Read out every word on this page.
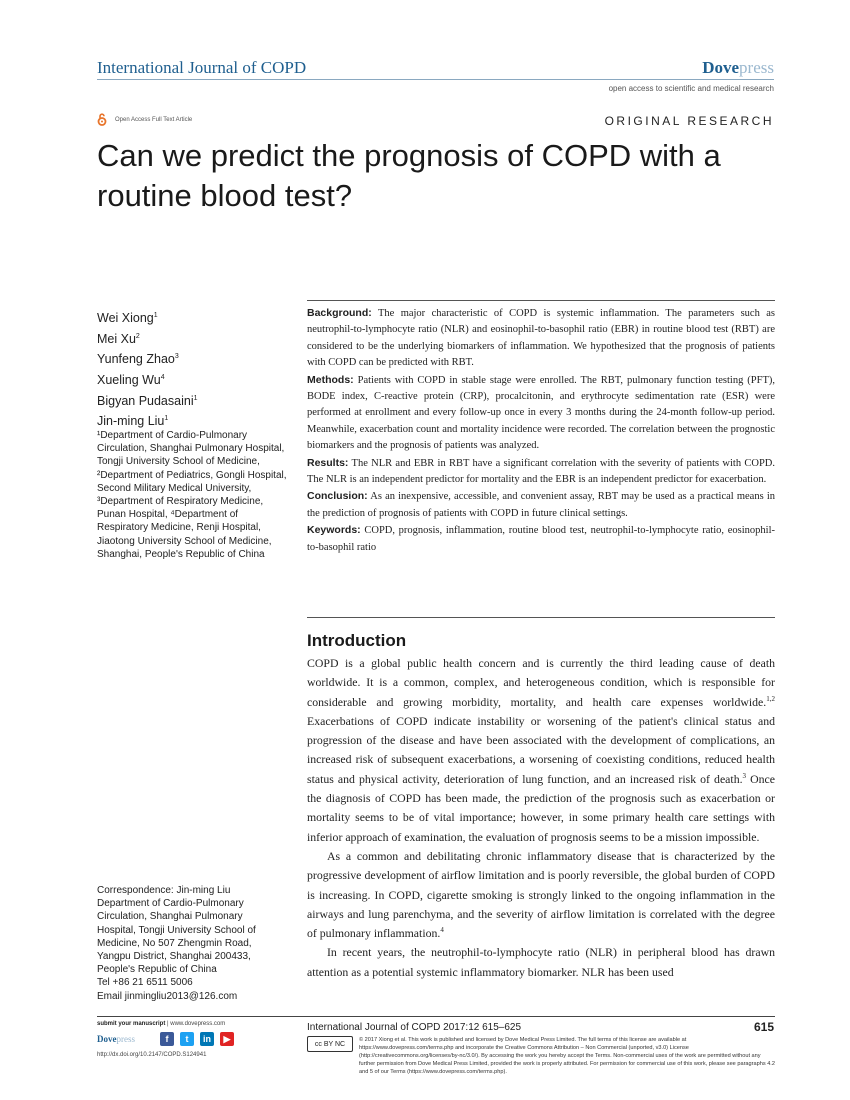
International Journal of COPD	Dovepress
open access to scientific and medical research
Open Access Full Text Article	ORIGINAL RESEARCH
Can we predict the prognosis of COPD with a routine blood test?
Wei Xiong$^1$
Mei Xu$^2$
Yunfeng Zhao$^3$
Xueling Wu$^4$
Bigyan Pudasaini$^1$
Jin-ming Liu$^1$
¹Department of Cardio-Pulmonary Circulation, Shanghai Pulmonary Hospital, Tongji University School of Medicine, ²Department of Pediatrics, Gongli Hospital, Second Military Medical University, ³Department of Respiratory Medicine, Punan Hospital, ⁴Department of Respiratory Medicine, Renji Hospital, Jiaotong University School of Medicine, Shanghai, People's Republic of China
Correspondence: Jin-ming Liu
Department of Cardio-Pulmonary
Circulation, Shanghai Pulmonary
Hospital, Tongji University School of
Medicine, No 507 Zhengmin Road,
Yangpu District, Shanghai 200433,
People's Republic of China
Tel +86 21 6511 5006
Email jinmingliu2013@126.com

Background: The major characteristic of COPD is systemic inflammation. The parameters such as neutrophil-to-lymphocyte ratio (NLR) and eosinophil-to-basophil ratio (EBR) in routine blood test (RBT) are considered to be the underlying biomarkers of inflammation. We hypothesized that the prognosis of patients with COPD can be predicted with RBT.

Methods: Patients with COPD in stable stage were enrolled. The RBT, pulmonary function testing (PFT), BODE index, C-reactive protein (CRP), procalcitonin, and erythrocyte sedimentation rate (ESR) were performed at enrollment and every follow-up once in every 3 months during the 24-month follow-up period. Meanwhile, exacerbation count and mortality incidence were recorded. The correlation between the prognostic biomarkers and the prognosis of patients was analyzed.

Results: The NLR and EBR in RBT have a significant correlation with the severity of patients with COPD. The NLR is an independent predictor for mortality and the EBR is an independent predictor for exacerbation.

Conclusion: As an inexpensive, accessible, and convenient assay, RBT may be used as a practical means in the prediction of prognosis of patients with COPD in future clinical settings.

Keywords: COPD, prognosis, inflammation, routine blood test, neutrophil-to-lymphocyte ratio, eosinophil-to-basophil ratio

Introduction

COPD is a global public health concern and is currently the third leading cause of death worldwide. It is a common, complex, and heterogeneous condition, which is responsible for considerable and growing morbidity, mortality, and health care expenses worldwide.$^{1,2}$ Exacerbations of COPD indicate instability or worsening of the patient's clinical status and progression of the disease and have been associated with the development of complications, an increased risk of subsequent exacerbations, a worsening of coexisting conditions, reduced health status and physical activity, deterioration of lung function, and an increased risk of death.$^3$ Once the diagnosis of COPD has been made, the prediction of the prognosis such as exacerbation or mortality seems to be of vital importance; however, in some primary health care settings with inferior approach of examination, the evaluation of prognosis seems to be a mission impossible.

As a common and debilitating chronic inflammatory disease that is characterized by the progressive development of airflow limitation and is poorly reversible, the global burden of COPD is increasing. In COPD, cigarette smoking is strongly linked to the ongoing inflammation in the airways and lung parenchyma, and the severity of airflow limitation is correlated with the degree of pulmonary inflammation.$^4$

In recent years, the neutrophil-to-lymphocyte ratio (NLR) in peripheral blood has drawn attention as a potential systemic inflammatory biomarker. NLR has been used

submit your manuscript | www.dovepress.com
Dovepress	f	t	in	▶
http://dx.doi.org/10.2147/COPD.S124941
International Journal of COPD 2017:12 615–625	615
cc BY NC
© 2017 Xiong et al. This work is published and licensed by Dove Medical Press Limited. The full terms of this license are available at https://www.dovepress.com/terms.php and incorporate the Creative Commons Attribution – Non Commercial (unported, v3.0) License (http://creativecommons.org/licenses/by-nc/3.0/). By accessing the work you hereby accept the Terms. Non-commercial uses of the work are permitted without any further permission from Dove Medical Press Limited, provided the work is properly attributed. For permission for commercial use of this work, please see paragraphs 4.2 and 5 of our Terms (https://www.dovepress.com/terms.php).
